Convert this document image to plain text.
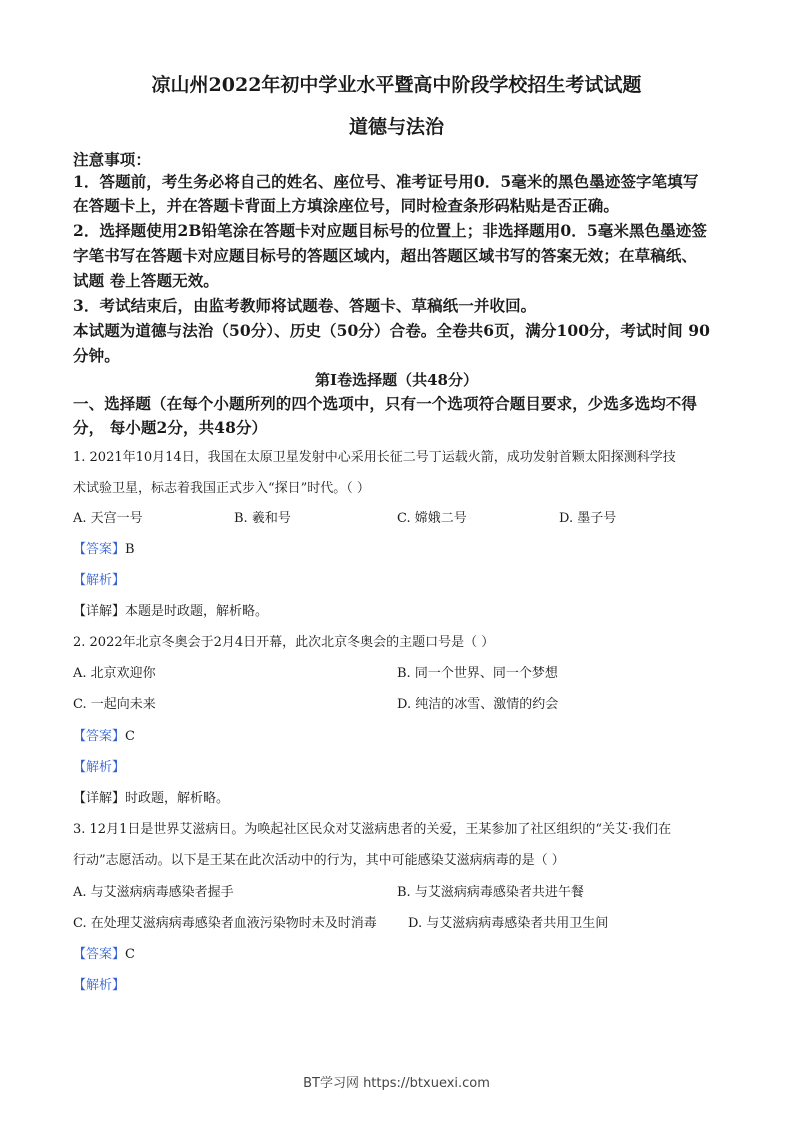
凉山州2022年初中学业水平暨高中阶段学校招生考试试题
道德与法治
注意事项：
1．答题前，考生务必将自己的姓名、座位号、准考证号用0．5毫米的黑色墨迹签字笔填写
在答题卡上，并在答题卡背面上方填涂座位号，同时检查条形码粘贴是否正确。
2．选择题使用2B铅笔涂在答题卡对应题目标号的位置上；非选择题用0．5毫米黑色墨迹签
字笔书写在答题卡对应题目标号的答题区域内，超出答题区域书写的答案无效；在草稿纸、
试题 卷上答题无效。
3．考试结束后，由监考教师将试题卷、答题卡、草稿纸一并收回。
本试题为道德与法治（50分）、历史（50分）合卷。全卷共6页，满分100分，考试时间 90
分钟。
第I卷选择题（共48分）
一、选择题（在每个小题所列的四个选项中，只有一个选项符合题目要求，少选多选均不得
分， 每小题2分，共48分）
1. 2021年10月14日，我国在太原卫星发射中心采用长征二号丁运载火箭，成功发射首颗太阳探测科学技
术试验卫星，标志着我国正式步入“探日”时代。（ ）
A. 天宫一号	B. 羲和号	C. 嫦娥二号	D. 墨子号
【答案】B
【解析】
【详解】本题是时政题，解析略。
2. 2022年北京冬奥会于2月4日开幕，此次北京冬奥会的主题口号是（ ）
A. 北京欢迎你	B. 同一个世界、同一个梦想
C. 一起向未来	D. 纯洁的冰雪、激情的约会
【答案】C
【解析】
【详解】时政题，解析略。
3. 12月1日是世界艾滋病日。为唤起社区民众对艾滋病患者的关爱，王某参加了社区组织的“关艾·我们在
行动”志愿活动。以下是王某在此次活动中的行为，其中可能感染艾滋病病毒的是（ ）
A. 与艾滋病病毒感染者握手	B. 与艾滋病病毒感染者共进午餐
C. 在处理艾滋病病毒感染者血液污染物时未及时消毒 D. 与艾滋病病毒感染者共用卫生间
【答案】C
【解析】
BT学习网 https://btxuexi.com
